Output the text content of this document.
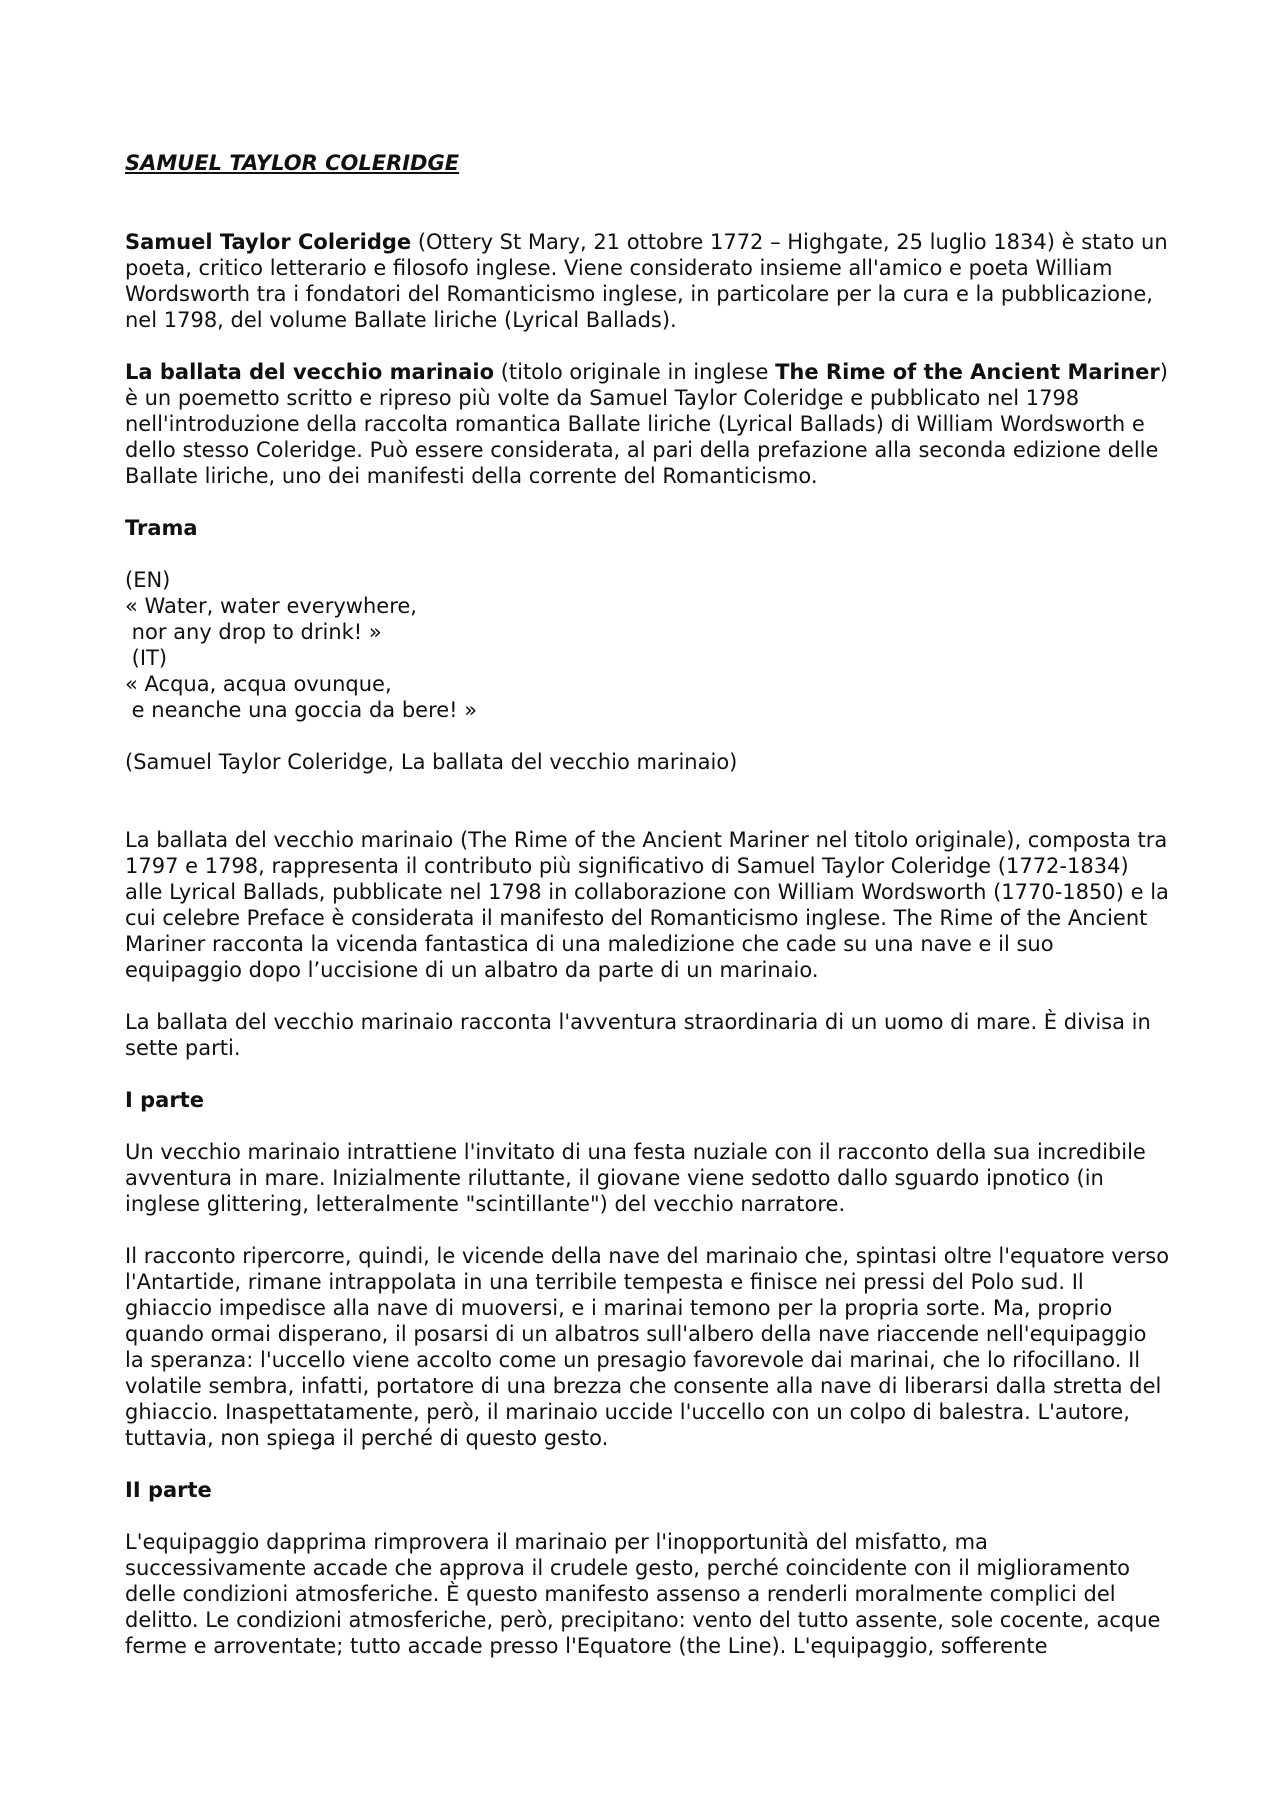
SAMUEL TAYLOR COLERIDGE

Samuel Taylor Coleridge (Ottery St Mary, 21 ottobre 1772 – Highgate, 25 luglio 1834) è stato un poeta, critico letterario e filosofo inglese. Viene considerato insieme all'amico e poeta William Wordsworth tra i fondatori del Romanticismo inglese, in particolare per la cura e la pubblicazione, nel 1798, del volume Ballate liriche (Lyrical Ballads).

La ballata del vecchio marinaio (titolo originale in inglese The Rime of the Ancient Mariner) è un poemetto scritto e ripreso più volte da Samuel Taylor Coleridge e pubblicato nel 1798 nell'introduzione della raccolta romantica Ballate liriche (Lyrical Ballads) di William Wordsworth e dello stesso Coleridge. Può essere considerata, al pari della prefazione alla seconda edizione delle Ballate liriche, uno dei manifesti della corrente del Romanticismo.

Trama
(EN)
« Water, water everywhere,
nor any drop to drink! »
(IT)
« Acqua, acqua ovunque,
e neanche una goccia da bere! »

(Samuel Taylor Coleridge, La ballata del vecchio marinaio)

La ballata del vecchio marinaio (The Rime of the Ancient Mariner nel titolo originale), composta tra 1797 e 1798, rappresenta il contributo più significativo di Samuel Taylor Coleridge (1772-1834) alle Lyrical Ballads, pubblicate nel 1798 in collaborazione con William Wordsworth (1770-1850) e la cui celebre Preface è considerata il manifesto del Romanticismo inglese. The Rime of the Ancient Mariner racconta la vicenda fantastica di una maledizione che cade su una nave e il suo equipaggio dopo l’uccisione di un albatro da parte di un marinaio.

La ballata del vecchio marinaio racconta l'avventura straordinaria di un uomo di mare. È divisa in sette parti.

I parte

Un vecchio marinaio intrattiene l'invitato di una festa nuziale con il racconto della sua incredibile avventura in mare. Inizialmente riluttante, il giovane viene sedotto dallo sguardo ipnotico (in inglese glittering, letteralmente "scintillante") del vecchio narratore.

Il racconto ripercorre, quindi, le vicende della nave del marinaio che, spintasi oltre l'equatore verso l'Antartide, rimane intrappolata in una terribile tempesta e finisce nei pressi del Polo sud. Il ghiaccio impedisce alla nave di muoversi, e i marinai temono per la propria sorte. Ma, proprio quando ormai disperano, il posarsi di un albatros sull'albero della nave riaccende nell'equipaggio la speranza: l'uccello viene accolto come un presagio favorevole dai marinai, che lo rifocillano. Il volatile sembra, infatti, portatore di una brezza che consente alla nave di liberarsi dalla stretta del ghiaccio. Inaspettatamente, però, il marinaio uccide l'uccello con un colpo di balestra. L'autore, tuttavia, non spiega il perché di questo gesto.

II parte

L'equipaggio dapprima rimprovera il marinaio per l'inopportunità del misfatto, ma successivamente accade che approva il crudele gesto, perché coincidente con il miglioramento delle condizioni atmosferiche. È questo manifesto assenso a renderli moralmente complici del delitto. Le condizioni atmosferiche, però, precipitano: vento del tutto assente, sole cocente, acque ferme e arroventate; tutto accade presso l'Equatore (the Line). L'equipaggio, sofferente
